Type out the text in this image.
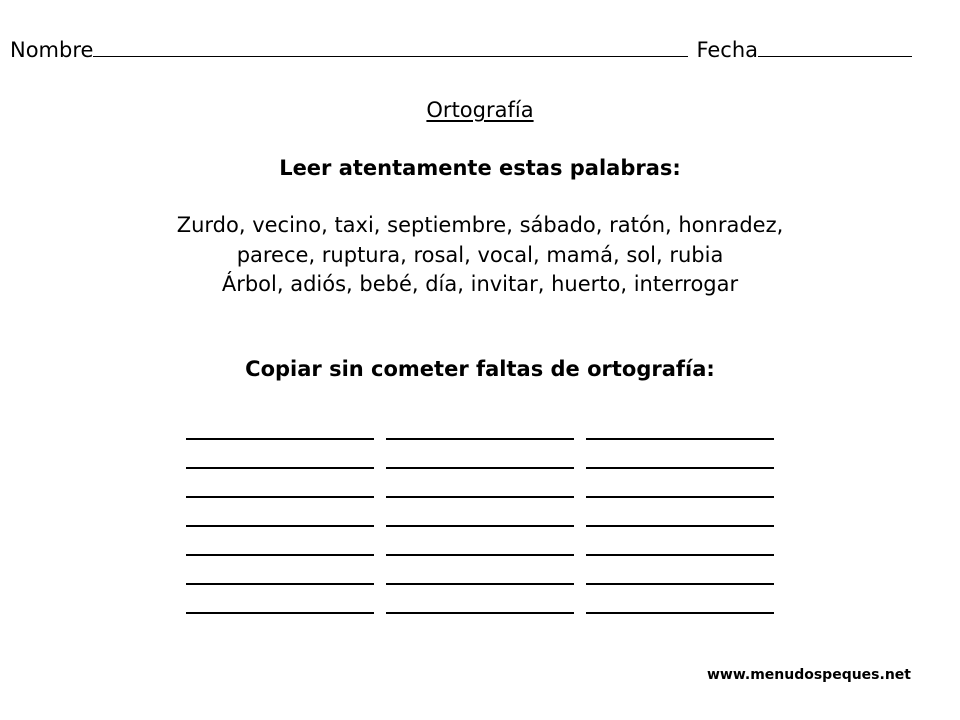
Nombre	Fecha
Ortografía
Leer atentamente estas palabras:
Zurdo, vecino, taxi, septiembre, sábado, ratón, honradez,
parece, ruptura, rosal, vocal, mamá, sol, rubia
Árbol, adiós, bebé, día, invitar, huerto, interrogar
Copiar sin cometer faltas de ortografía:
www.menudospeques.net
